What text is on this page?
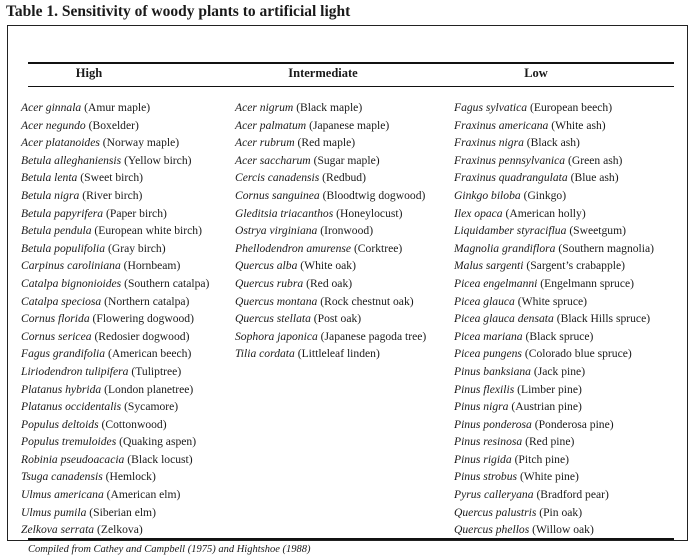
Table 1. Sensitivity of woody plants to artificial light
High	Intermediate	Low
Acer ginnala (Amur maple)
Acer negundo (Boxelder)
Acer platanoides (Norway maple)
Betula alleghaniensis (Yellow birch)
Betula lenta (Sweet birch)
Betula nigra (River birch)
Betula papyrifera (Paper birch)
Betula pendula (European white birch)
Betula populifolia (Gray birch)
Carpinus caroliniana (Hornbeam)
Catalpa bignonioides (Southern catalpa)
Catalpa speciosa (Northern catalpa)
Cornus florida (Flowering dogwood)
Cornus sericea (Redosier dogwood)
Fagus grandifolia (American beech)
Liriodendron tulipifera (Tuliptree)
Platanus hybrida (London planetree)
Platanus occidentalis (Sycamore)
Populus deltoids (Cottonwood)
Populus tremuloides (Quaking aspen)
Robinia pseudoacacia (Black locust)
Tsuga canadensis (Hemlock)
Ulmus americana (American elm)
Ulmus pumila (Siberian elm)
Zelkova serrata (Zelkova)
Acer nigrum (Black maple)
Acer palmatum (Japanese maple)
Acer rubrum (Red maple)
Acer saccharum (Sugar maple)
Cercis canadensis (Redbud)
Cornus sanguinea (Bloodtwig dogwood)
Gleditsia triacanthos (Honeylocust)
Ostrya virginiana (Ironwood)
Phellodendron amurense (Corktree)
Quercus alba (White oak)
Quercus rubra (Red oak)
Quercus montana (Rock chestnut oak)
Quercus stellata (Post oak)
Sophora japonica (Japanese pagoda tree)
Tilia cordata (Littleleaf linden)
Fagus sylvatica (European beech)
Fraxinus americana (White ash)
Fraxinus nigra (Black ash)
Fraxinus pennsylvanica (Green ash)
Fraxinus quadrangulata (Blue ash)
Ginkgo biloba (Ginkgo)
Ilex opaca (American holly)
Liquidamber styraciflua (Sweetgum)
Magnolia grandiflora (Southern magnolia)
Malus sargenti (Sargent’s crabapple)
Picea engelmanni (Engelmann spruce)
Picea glauca (White spruce)
Picea glauca densata (Black Hills spruce)
Picea mariana (Black spruce)
Picea pungens (Colorado blue spruce)
Pinus banksiana (Jack pine)
Pinus flexilis (Limber pine)
Pinus nigra (Austrian pine)
Pinus ponderosa (Ponderosa pine)
Pinus resinosa (Red pine)
Pinus rigida (Pitch pine)
Pinus strobus (White pine)
Pyrus calleryana (Bradford pear)
Quercus palustris (Pin oak)
Quercus phellos (Willow oak)
Compiled from Cathey and Campbell (1975) and Hightshoe (1988)
